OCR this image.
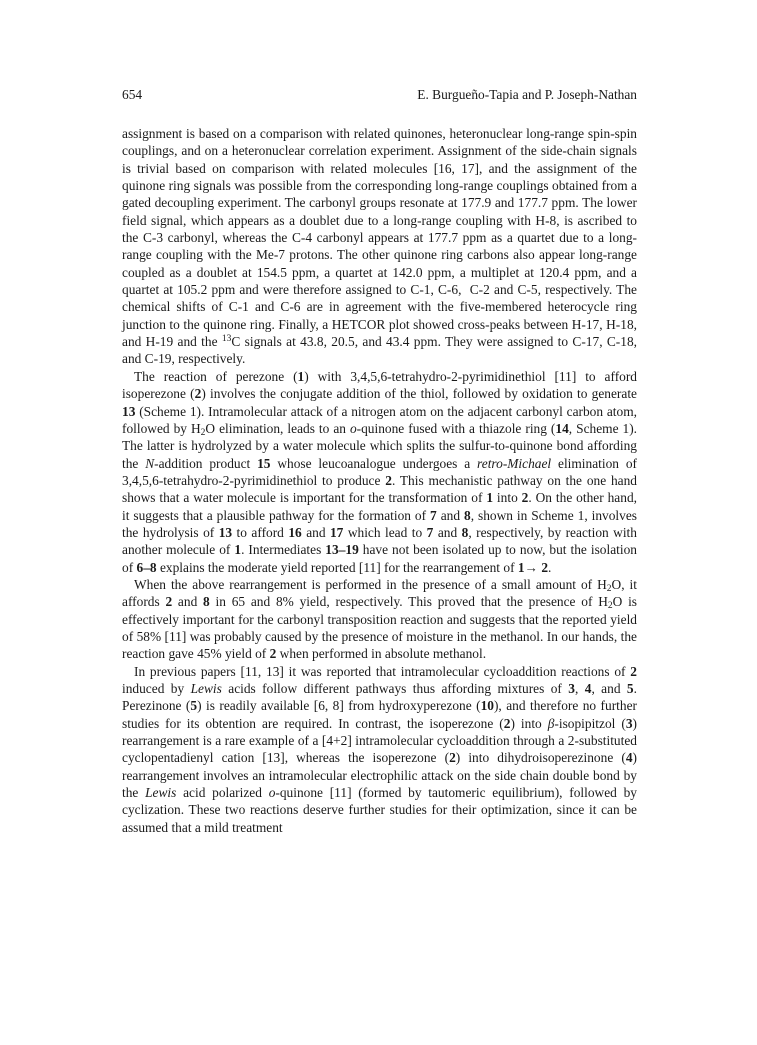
654	E. Burgueño-Tapia and P. Joseph-Nathan

assignment is based on a comparison with related quinones, heteronuclear long-range spin-spin couplings, and on a heteronuclear correlation experiment. Assignment of the side-chain signals is trivial based on comparison with related molecules [16, 17], and the assignment of the quinone ring signals was possible from the corresponding long-range couplings obtained from a gated decoupling experiment. The carbonyl groups resonate at 177.9 and 177.7 ppm. The lower field signal, which appears as a doublet due to a long-range coupling with H-8, is ascribed to the C-3 carbonyl, whereas the C-4 carbonyl appears at 177.7 ppm as a quartet due to a long-range coupling with the Me-7 protons. The other quinone ring carbons also appear long-range coupled as a doublet at 154.5 ppm, a quartet at 142.0 ppm, a multiplet at 120.4 ppm, and a quartet at 105.2 ppm and were therefore assigned to C-1, C-6,  C-2 and C-5, respectively. The chemical shifts of C-1 and C-6 are in agreement with the five-membered heterocycle ring junction to the quinone ring. Finally, a HETCOR plot showed cross-peaks between H-17, H-18, and H-19 and the $^{13}$C signals at 43.8, 20.5, and 43.4 ppm. They were assigned to C-17, C-18, and C-19, respectively.

The reaction of perezone (1) with 3,4,5,6-tetrahydro-2-pyrimidinethiol [11] to afford isoperezone (2) involves the conjugate addition of the thiol, followed by oxidation to generate 13 (Scheme 1). Intramolecular attack of a nitrogen atom on the adjacent carbonyl carbon atom, followed by $H_2O$ elimination, leads to an o-quinone fused with a thiazole ring (14, Scheme 1). The latter is hydrolyzed by a water molecule which splits the sulfur-to-quinone bond affording the N-addition product 15 whose leucoanalogue undergoes a retro-Michael elimination of 3,4,5,6-tetrahydro-2-pyrimidinethiol to produce 2. This mechanistic pathway on the one hand shows that a water molecule is important for the transformation of 1 into 2. On the other hand, it suggests that a plausible pathway for the formation of 7 and 8, shown in Scheme 1, involves the hydrolysis of 13 to afford 16 and 17 which lead to 7 and 8, respectively, by reaction with another molecule of 1. Intermediates 13–19 have not been isolated up to now, but the isolation of 6–8 explains the moderate yield reported [11] for the rearrangement of 1→ 2.

When the above rearrangement is performed in the presence of a small amount of $H_2O$, it affords 2 and 8 in 65 and 8% yield, respectively. This proved that the presence of $H_2O$ is effectively important for the carbonyl transposition reaction and suggests that the reported yield of 58% [11] was probably caused by the presence of moisture in the methanol. In our hands, the reaction gave 45% yield of 2 when performed in absolute methanol.

In previous papers [11, 13] it was reported that intramolecular cycloaddition reactions of 2 induced by Lewis acids follow different pathways thus affording mixtures of 3, 4, and 5. Perezinone (5) is readily available [6, 8] from hydroxyperezone (10), and therefore no further studies for its obtention are required. In contrast, the isoperezone (2) into β-isopipitzol (3) rearrangement is a rare example of a [4+2] intramolecular cycloaddition through a 2-substituted cyclopentadienyl cation [13], whereas the isoperezone (2) into dihydroisoperezinone (4) rearrangement involves an intramolecular electrophilic attack on the side chain double bond by the Lewis acid polarized o-quinone [11] (formed by tautomeric equilibrium), followed by cyclization. These two reactions deserve further studies for their optimization, since it can be assumed that a mild treatment
